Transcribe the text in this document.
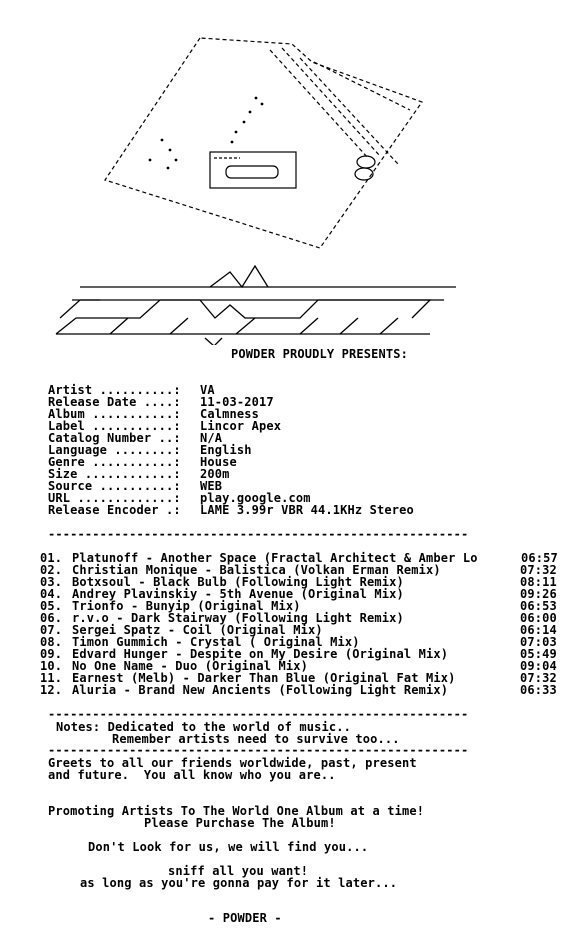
POWDER PROUDLY PRESENTS:
Artist ..........: VA
Release Date ....: 11-03-2017
Album ...........: Calmness
Label ...........: Lincor Apex
Catalog Number ..: N/A
Language ........: English
Genre ...........: House
Size ............: 200m
Source ..........: WEB
URL .............: play.google.com
Release Encoder .: LAME 3.99r VBR 44.1KHz Stereo
---------------------------------------------------------
01. Platunoff - Another Space (Fractal Architect & Amber Lo	06:57
02. Christian Monique - Balistica (Volkan Erman Remix)	07:32
03. Botxsoul - Black Bulb (Following Light Remix)	08:11
04. Andrey Plavinskiy - 5th Avenue (Original Mix)	09:26
05. Trionfo - Bunyip (Original Mix)	06:53
06. r.v.o - Dark Stairway (Following Light Remix)	06:00
07. Sergei Spatz - Coil (Original Mix)	06:14
08. Timon Gummich - Crystal ( Original Mix)	07:03
09. Edvard Hunger - Despite on My Desire (Original Mix)	05:49
10. No One Name - Duo (Original Mix)	09:04
11. Earnest (Melb) - Darker Than Blue (Original Fat Mix)	07:32
12. Aluria - Brand New Ancients (Following Light Remix)	06:33
---------------------------------------------------------
Notes: Dedicated to the world of music..
Remember artists need to survive too...
---------------------------------------------------------
Greets to all our friends worldwide, past, present
and future.  You all know who you are..
Promoting Artists To The World One Album at a time!
Please Purchase The Album!
Don't Look for us, we will find you...
sniff all you want!
as long as you're gonna pay for it later...
- POWDER -
